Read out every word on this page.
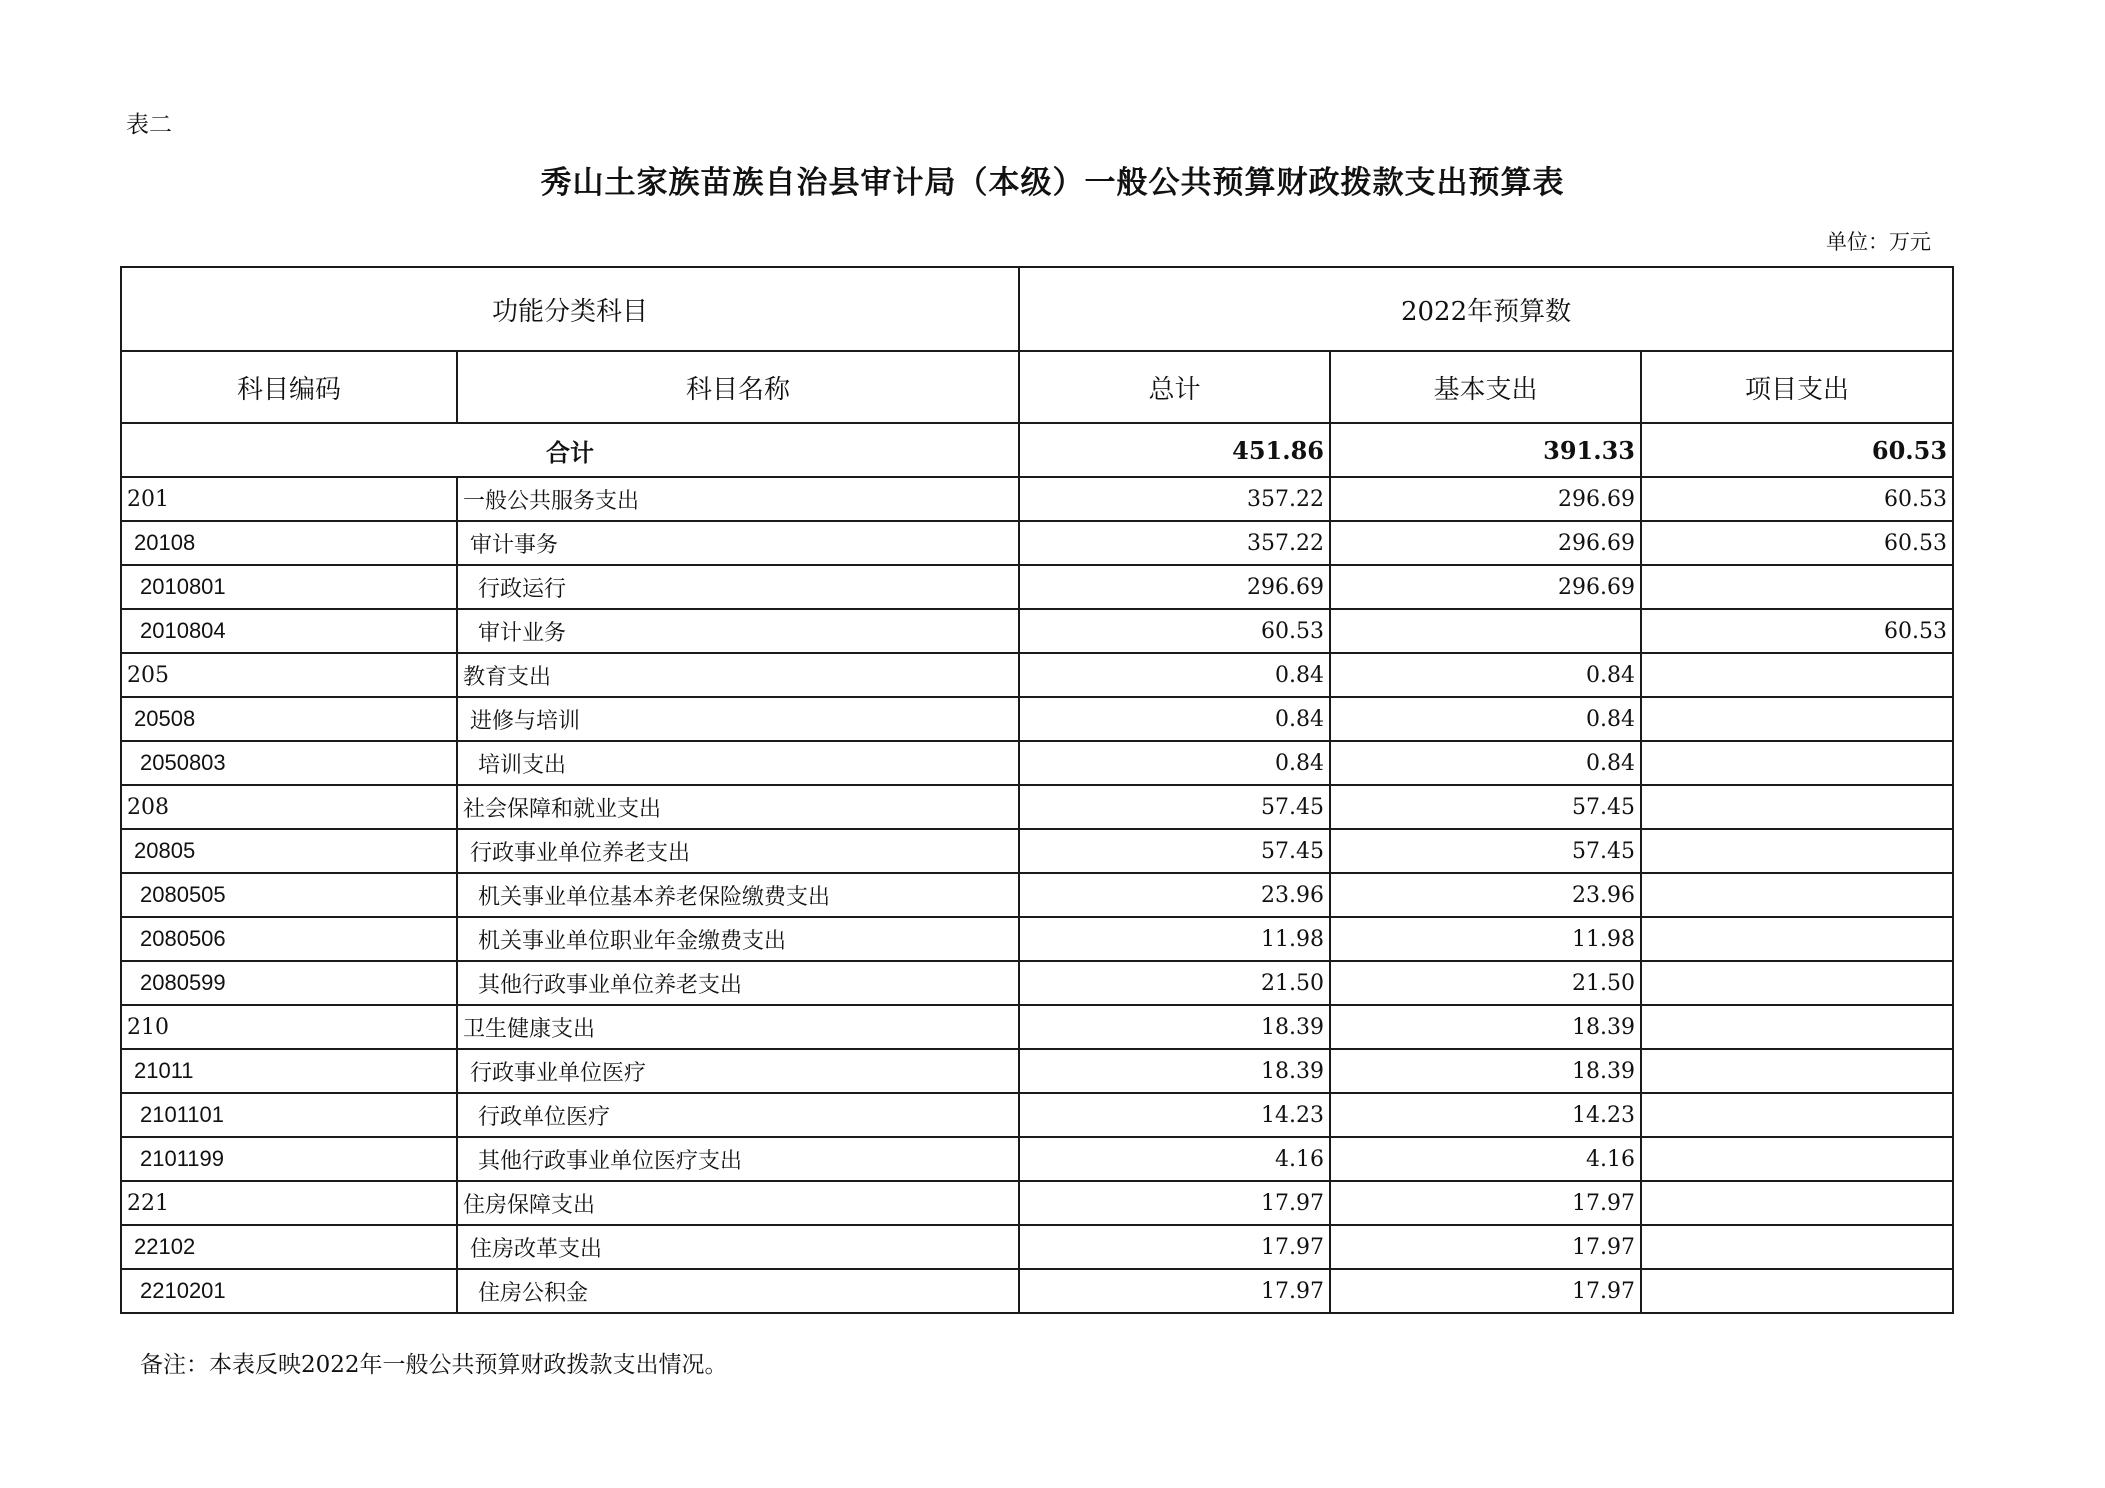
表二
秀山土家族苗族自治县审计局（本级）一般公共预算财政拨款支出预算表
单位：万元
功能分类科目		2022年预算数		
科目编码	科目名称	总计	基本支出	项目支出
合计		451.86	391.33	60.53
201	一般公共服务支出	357.22	296.69	60.53
20108	审计事务	357.22	296.69	60.53
2010801	行政运行	296.69	296.69	
2010804	审计业务	60.53		60.53
205	教育支出	0.84	0.84	
20508	进修与培训	0.84	0.84	
2050803	培训支出	0.84	0.84	
208	社会保障和就业支出	57.45	57.45	
20805	行政事业单位养老支出	57.45	57.45	
2080505	机关事业单位基本养老保险缴费支出	23.96	23.96	
2080506	机关事业单位职业年金缴费支出	11.98	11.98	
2080599	其他行政事业单位养老支出	21.50	21.50	
210	卫生健康支出	18.39	18.39	
21011	行政事业单位医疗	18.39	18.39	
2101101	行政单位医疗	14.23	14.23	
2101199	其他行政事业单位医疗支出	4.16	4.16	
221	住房保障支出	17.97	17.97	
22102	住房改革支出	17.97	17.97	
2210201	住房公积金	17.97	17.97	
备注：本表反映2022年一般公共预算财政拨款支出情况。
